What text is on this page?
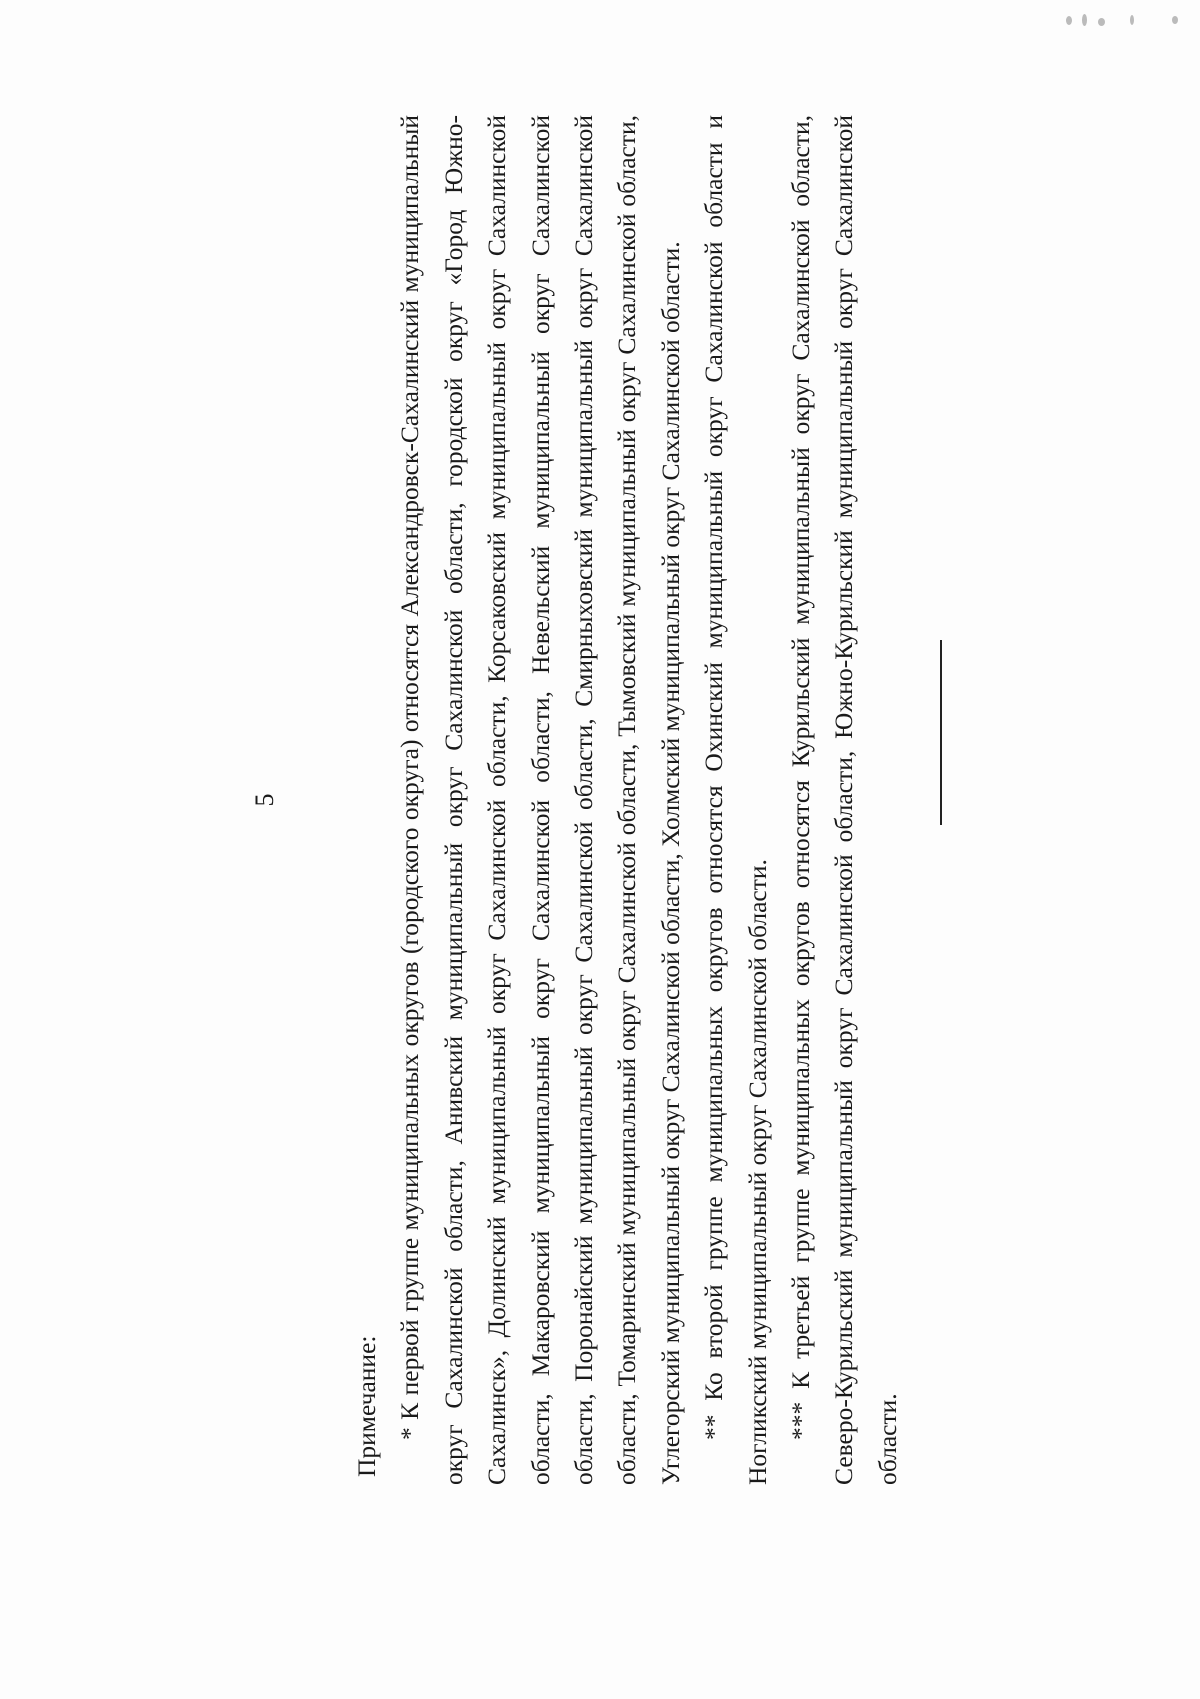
5

Примечание: * К первой группе муниципальных округов (городского округа) относятся Александровск-Сахалинский муниципальный округ Сахалинской области, Анивский муниципальный округ Сахалинской области, городской округ «Город Южно-Сахалинск», Долинский муниципальный округ Сахалинской области, Корсаковский муниципальный округ Сахалинской области, Макаровский муниципальный округ Сахалинской области, Невельский муниципальный округ Сахалинской области, Поронайский муниципальный округ Сахалинской области, Смирныховский муниципальный округ Сахалинской области, Томаринский муниципальный округ Сахалинской области, Тымовский муниципальный округ Сахалинской области, Углегорский муниципальный округ Сахалинской области, Холмский муниципальный округ Сахалинской области. ** Ко второй группе муниципальных округов относятся Охинский муниципальный округ Сахалинской области и Ногликский муниципальный округ Сахалинской области. *** К третьей группе муниципальных округов относятся Курильский муниципальный округ Сахалинской области, Северо-Курильский муниципальный округ Сахалинской области, Южно-Курильский муниципальный округ Сахалинской области.
